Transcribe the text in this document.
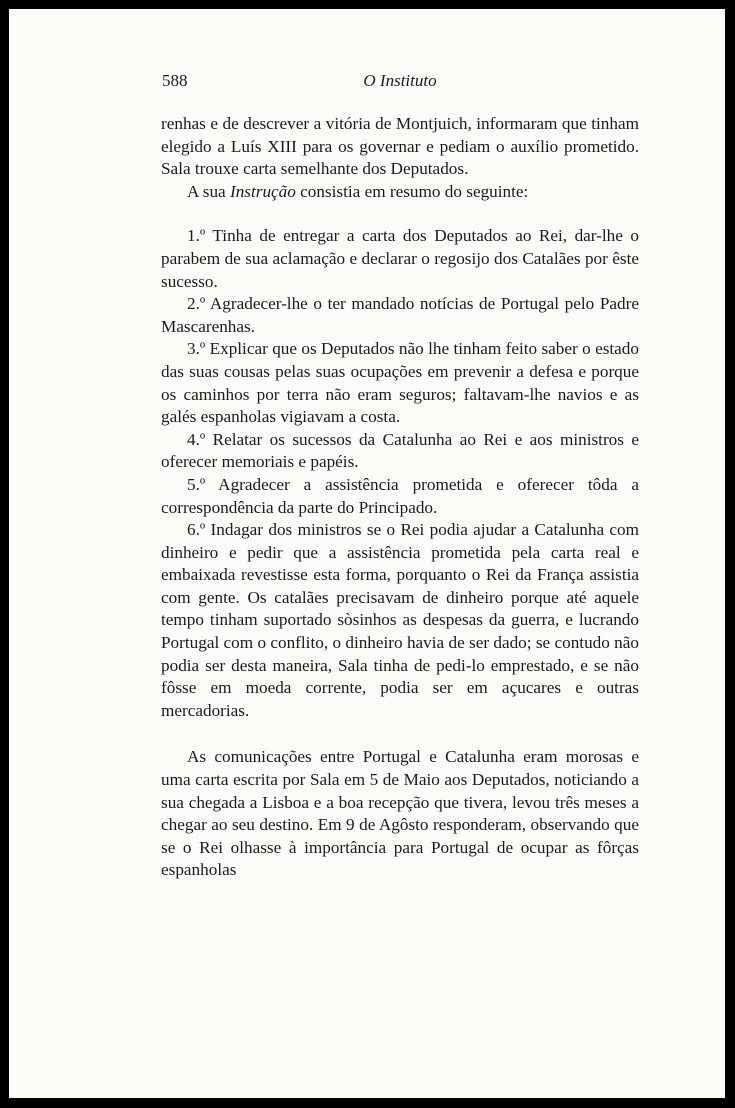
588	O Instituto

renhas e de descrever a vitória de Montjuich, informaram que tinham elegido a Luís XIII para os governar e pediam o auxílio prometido. Sala trouxe carta semelhante dos Deputados.

A sua Instrução consistia em resumo do seguinte:

1.º Tinha de entregar a carta dos Deputados ao Rei, dar-lhe o parabem de sua aclamação e declarar o regosijo dos Catalães por êste sucesso.

2.º Agradecer-lhe o ter mandado notícias de Portugal pelo Padre Mascarenhas.

3.º Explicar que os Deputados não lhe tinham feito saber o estado das suas cousas pelas suas ocupações em prevenir a defesa e porque os caminhos por terra não eram seguros; faltavam-lhe navios e as galés espanholas vigiavam a costa.

4.º Relatar os sucessos da Catalunha ao Rei e aos ministros e oferecer memoriais e papéis.

5.º Agradecer a assistência prometida e oferecer tôda a correspondência da parte do Principado.

6.º Indagar dos ministros se o Rei podia ajudar a Catalunha com dinheiro e pedir que a assistência prometida pela carta real e embaixada revestisse esta forma, porquanto o Rei da França assistia com gente. Os catalães precisavam de dinheiro porque até aquele tempo tinham suportado sòsinhos as despesas da guerra, e lucrando Portugal com o conflito, o dinheiro havia de ser dado; se contudo não podia ser desta maneira, Sala tinha de pedi-lo emprestado, e se não fôsse em moeda corrente, podia ser em açucares e outras mercadorias.

As comunicações entre Portugal e Catalunha eram morosas e uma carta escrita por Sala em 5 de Maio aos Deputados, noticiando a sua chegada a Lisboa e a boa recepção que tivera, levou três meses a chegar ao seu destino. Em 9 de Agôsto responderam, observando que se o Rei olhasse à importância para Portugal de ocupar as fôrças espanholas
